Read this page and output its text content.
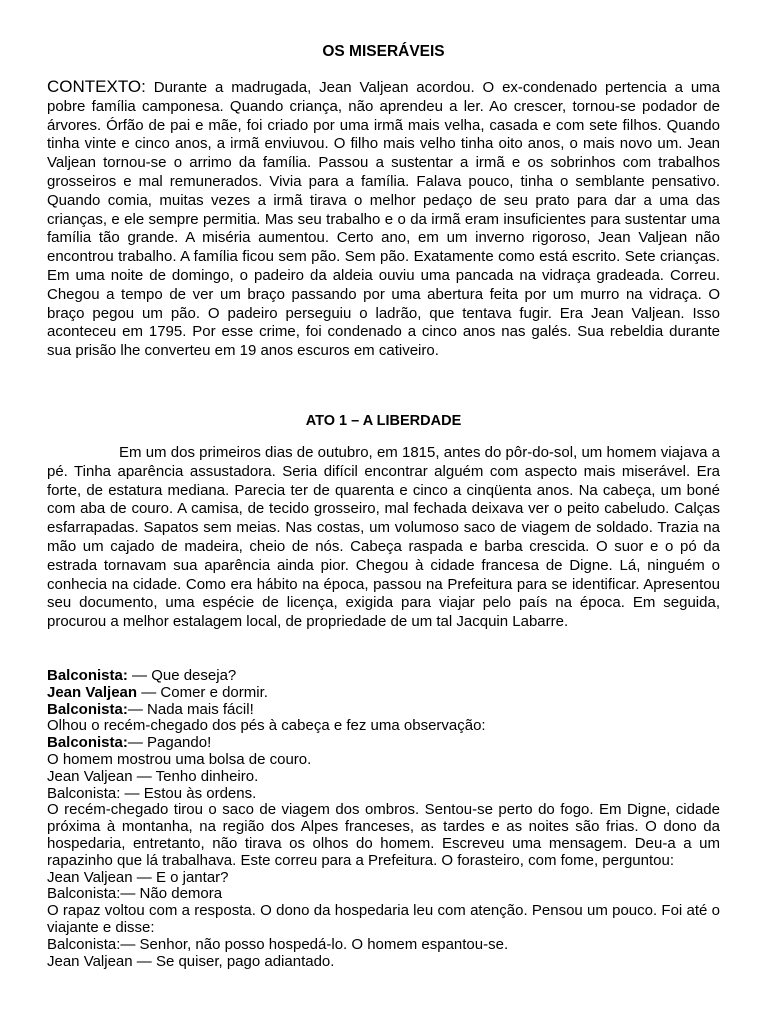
OS MISERÁVEIS
CONTEXTO: Durante a madrugada, Jean Valjean acordou. O ex-condenado pertencia a uma pobre família camponesa. Quando criança, não aprendeu a ler. Ao crescer, tornou-se podador de árvores. Órfão de pai e mãe, foi criado por uma irmã mais velha, casada e com sete filhos. Quando tinha vinte e cinco anos, a irmã enviuvou. O filho mais velho tinha oito anos, o mais novo um. Jean Valjean tornou-se o arrimo da família. Passou a sustentar a irmã e os sobrinhos com trabalhos grosseiros e mal remunerados. Vivia para a família. Falava pouco, tinha o semblante pensativo. Quando comia, muitas vezes a irmã tirava o melhor pedaço de seu prato para dar a uma das crianças, e ele sempre permitia. Mas seu trabalho e o da irmã eram insuficientes para sustentar uma família tão grande. A miséria aumentou. Certo ano, em um inverno rigoroso, Jean Valjean não encontrou trabalho. A família ficou sem pão. Sem pão. Exatamente como está escrito. Sete crianças. Em uma noite de domingo, o padeiro da aldeia ouviu uma pancada na vidraça gradeada. Correu. Chegou a tempo de ver um braço passando por uma abertura feita por um murro na vidraça. O braço pegou um pão. O padeiro perseguiu o ladrão, que tentava fugir. Era Jean Valjean. Isso aconteceu em 1795. Por esse crime, foi condenado a cinco anos nas galés. Sua rebeldia durante sua prisão lhe converteu em 19 anos escuros em cativeiro.
ATO 1 – A LIBERDADE
Em um dos primeiros dias de outubro, em 1815, antes do pôr-do-sol, um homem viajava a pé. Tinha aparência assustadora. Seria difícil encontrar alguém com aspecto mais miserável. Era forte, de estatura mediana. Parecia ter de quarenta e cinco a cinqüenta anos. Na cabeça, um boné com aba de couro. A camisa, de tecido grosseiro, mal fechada deixava ver o peito cabeludo. Calças esfarrapadas. Sapatos sem meias. Nas costas, um volumoso saco de viagem de soldado. Trazia na mão um cajado de madeira, cheio de nós. Cabeça raspada e barba crescida. O suor e o pó da estrada tornavam sua aparência ainda pior. Chegou à cidade francesa de Digne. Lá, ninguém o conhecia na cidade. Como era hábito na época, passou na Prefeitura para se identificar. Apresentou seu documento, uma espécie de licença, exigida para viajar pelo país na época. Em seguida, procurou a melhor estalagem local, de propriedade de um tal Jacquin Labarre.
Balconista: — Que deseja?
Jean Valjean — Comer e dormir.
Balconista:— Nada mais fácil!
Olhou o recém-chegado dos pés à cabeça e fez uma observação:
Balconista:— Pagando!
O homem mostrou uma bolsa de couro.
Jean Valjean — Tenho dinheiro.
Balconista: — Estou às ordens.
O recém-chegado tirou o saco de viagem dos ombros. Sentou-se perto do fogo. Em Digne, cidade próxima à montanha, na região dos Alpes franceses, as tardes e as noites são frias. O dono da hospedaria, entretanto, não tirava os olhos do homem. Escreveu uma mensagem. Deu-a a um rapazinho que lá trabalhava. Este correu para a Prefeitura. O forasteiro, com fome, perguntou:
Jean Valjean — E o jantar?
Balconista:— Não demora
O rapaz voltou com a resposta. O dono da hospedaria leu com atenção. Pensou um pouco. Foi até o viajante e disse:
Balconista:— Senhor, não posso hospedá-lo. O homem espantou-se.
Jean Valjean — Se quiser, pago adiantado.
